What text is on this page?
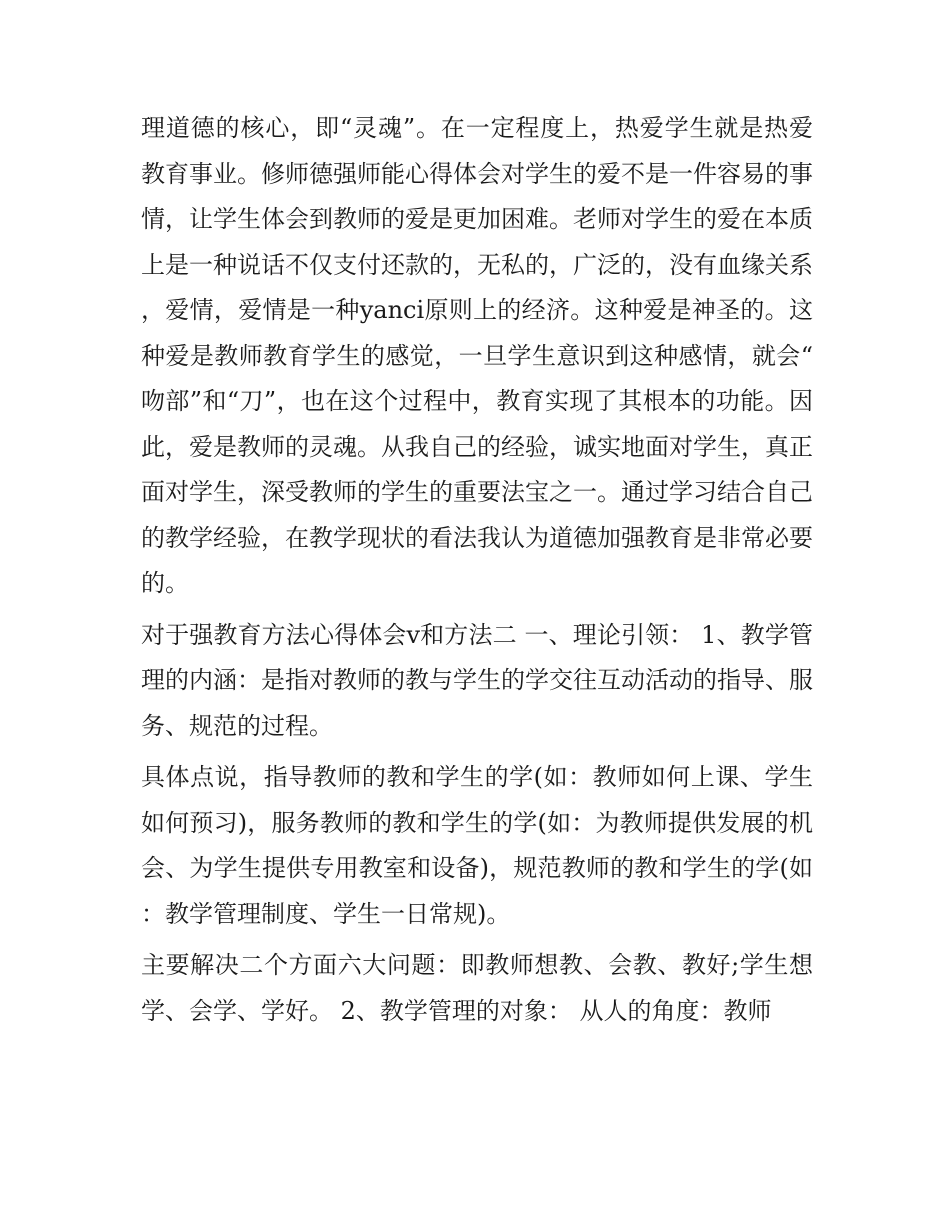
理道德的核心，即“灵魂”。在一定程度上，热爱学生就是热爱教育事业。修师德强师能心得体会对学生的爱不是一件容易的事情，让学生体会到教师的爱是更加困难。老师对学生的爱在本质上是一种说话不仅支付还款的，无私的，广泛的，没有血缘关系，爱情，爱情是一种yanci原则上的经济。这种爱是神圣的。这种爱是教师教育学生的感觉，一旦学生意识到这种感情，就会“吻部”和“刀”，也在这个过程中，教育实现了其根本的功能。因此，爱是教师的灵魂。从我自己的经验，诚实地面对学生，真正面对学生，深受教师的学生的重要法宝之一。通过学习结合自己的教学经验，在教学现状的看法我认为道德加强教育是非常必要的。

对于强教育方法心得体会v和方法二 一、理论引领： 1、教学管理的内涵：是指对教师的教与学生的学交往互动活动的指导、服务、规范的过程。

具体点说，指导教师的教和学生的学(如：教师如何上课、学生如何预习)，服务教师的教和学生的学(如：为教师提供发展的机会、为学生提供专用教室和设备)，规范教师的教和学生的学(如：教学管理制度、学生一日常规)。

主要解决二个方面六大问题：即教师想教、会教、教好;学生想学、会学、学好。 2、教学管理的对象： 从人的角度：教师
